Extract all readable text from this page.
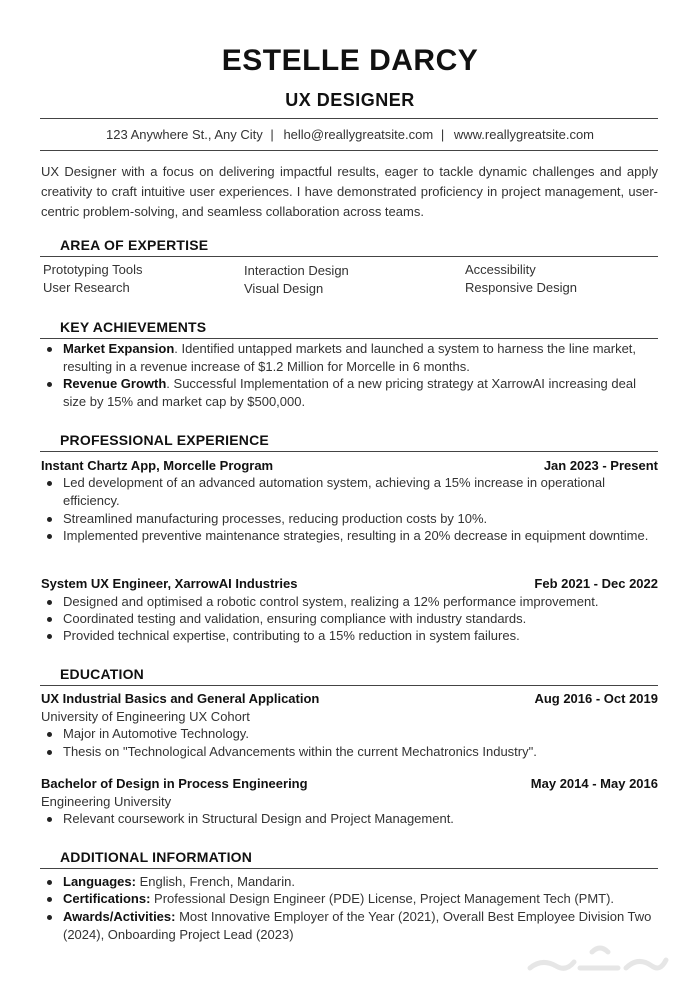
ESTELLE DARCY
UX DESIGNER
123 Anywhere St., Any City | hello@reallygreatsite.com | www.reallygreatsite.com
UX Designer with a focus on delivering impactful results, eager to tackle dynamic challenges and apply creativity to craft intuitive user experiences. I have demonstrated proficiency in project management, user-centric problem-solving, and seamless collaboration across teams.
AREA OF EXPERTISE
Prototyping Tools	Interaction Design	Accessibility
User Research	Visual Design	Responsive Design
KEY ACHIEVEMENTS
Market Expansion. Identified untapped markets and launched a system to harness the line market, resulting in a revenue increase of $1.2 Million for Morcelle in 6 months.
Revenue Growth. Successful Implementation of a new pricing strategy at XarrowAI increasing deal size by 15% and market cap by $500,000.
PROFESSIONAL EXPERIENCE
Instant Chartz App, Morcelle Program	Jan 2023 - Present
Led development of an advanced automation system, achieving a 15% increase in operational efficiency.
Streamlined manufacturing processes, reducing production costs by 10%.
Implemented preventive maintenance strategies, resulting in a 20% decrease in equipment downtime.
System UX Engineer, XarrowAI Industries	Feb 2021 - Dec 2022
Designed and optimised a robotic control system, realizing a 12% performance improvement.
Coordinated testing and validation, ensuring compliance with industry standards.
Provided technical expertise, contributing to a 15% reduction in system failures.
EDUCATION
UX Industrial Basics and General Application	Aug 2016 - Oct 2019
University of Engineering UX Cohort
Major in Automotive Technology.
Thesis on "Technological Advancements within the current Mechatronics Industry".
Bachelor of Design in Process Engineering	May 2014 - May 2016
Engineering University
Relevant coursework in Structural Design and Project Management.
ADDITIONAL INFORMATION
Languages: English, French, Mandarin.
Certifications: Professional Design Engineer (PDE) License, Project Management Tech (PMT).
Awards/Activities: Most Innovative Employer of the Year (2021), Overall Best Employee Division Two (2024), Onboarding Project Lead (2023)
